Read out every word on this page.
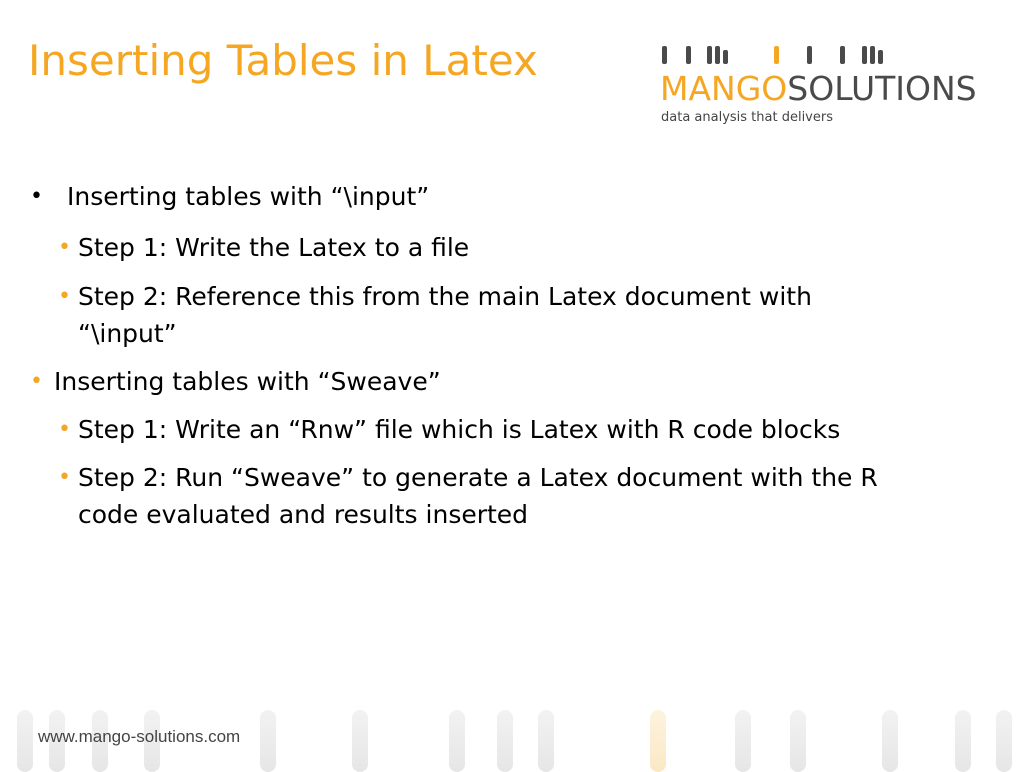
Inserting Tables in Latex
MANGOSOLUTIONS
data analysis that delivers
• Inserting tables with “\input”
• Step 1: Write the Latex to a file
• Step 2: Reference this from the main Latex document with
“\input”
• Inserting tables with “Sweave”
• Step 1: Write an “Rnw” file which is Latex with R code blocks
• Step 2: Run “Sweave” to generate a Latex document with the R
code evaluated and results inserted
www.mango-solutions.com
